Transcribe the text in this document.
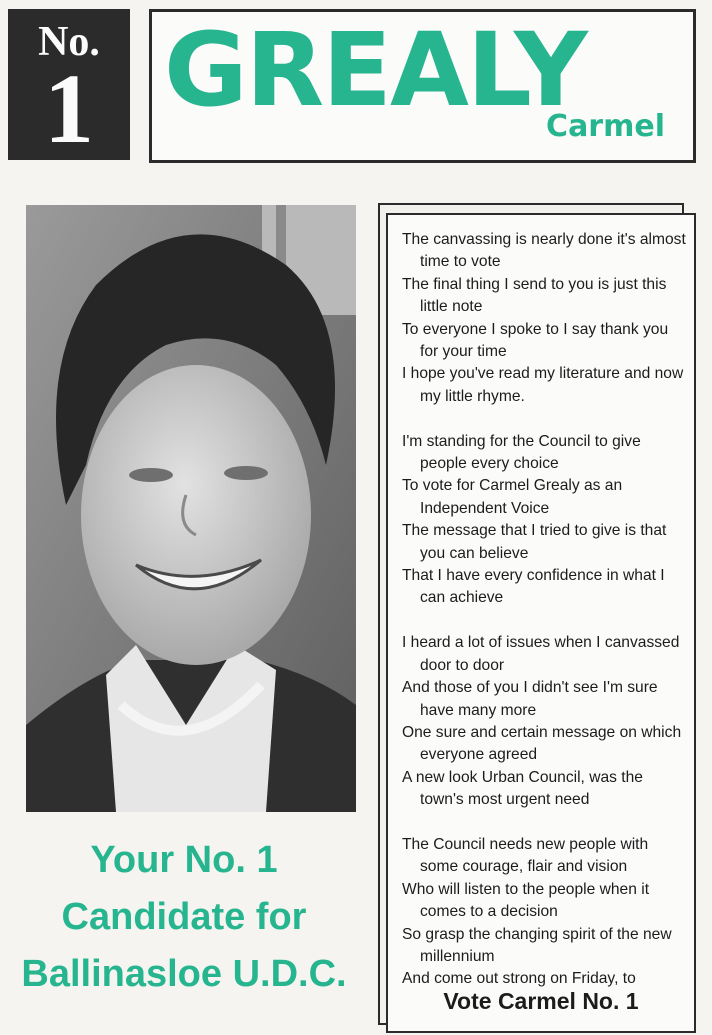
No.
1 GREALY
Carmel
Your No. 1
Candidate for
Ballinasloe U.D.C.
The canvassing is nearly done it's almost time to vote
The final thing I send to you is just this little note
To everyone I spoke to I say thank you for your time
I hope you've read my literature and now my little rhyme.
I'm standing for the Council to give people every choice
To vote for Carmel Grealy as an Independent Voice
The message that I tried to give is that you can believe
That I have every confidence in what I can achieve
I heard a lot of issues when I canvassed door to door
And those of you I didn't see I'm sure have many more
One sure and certain message on which everyone agreed
A new look Urban Council, was the town's most urgent need
The Council needs new people with some courage, flair and vision
Who will listen to the people when it comes to a decision
So grasp the changing spirit of the new millennium
And come out strong on Friday, to
Vote Carmel No. 1
